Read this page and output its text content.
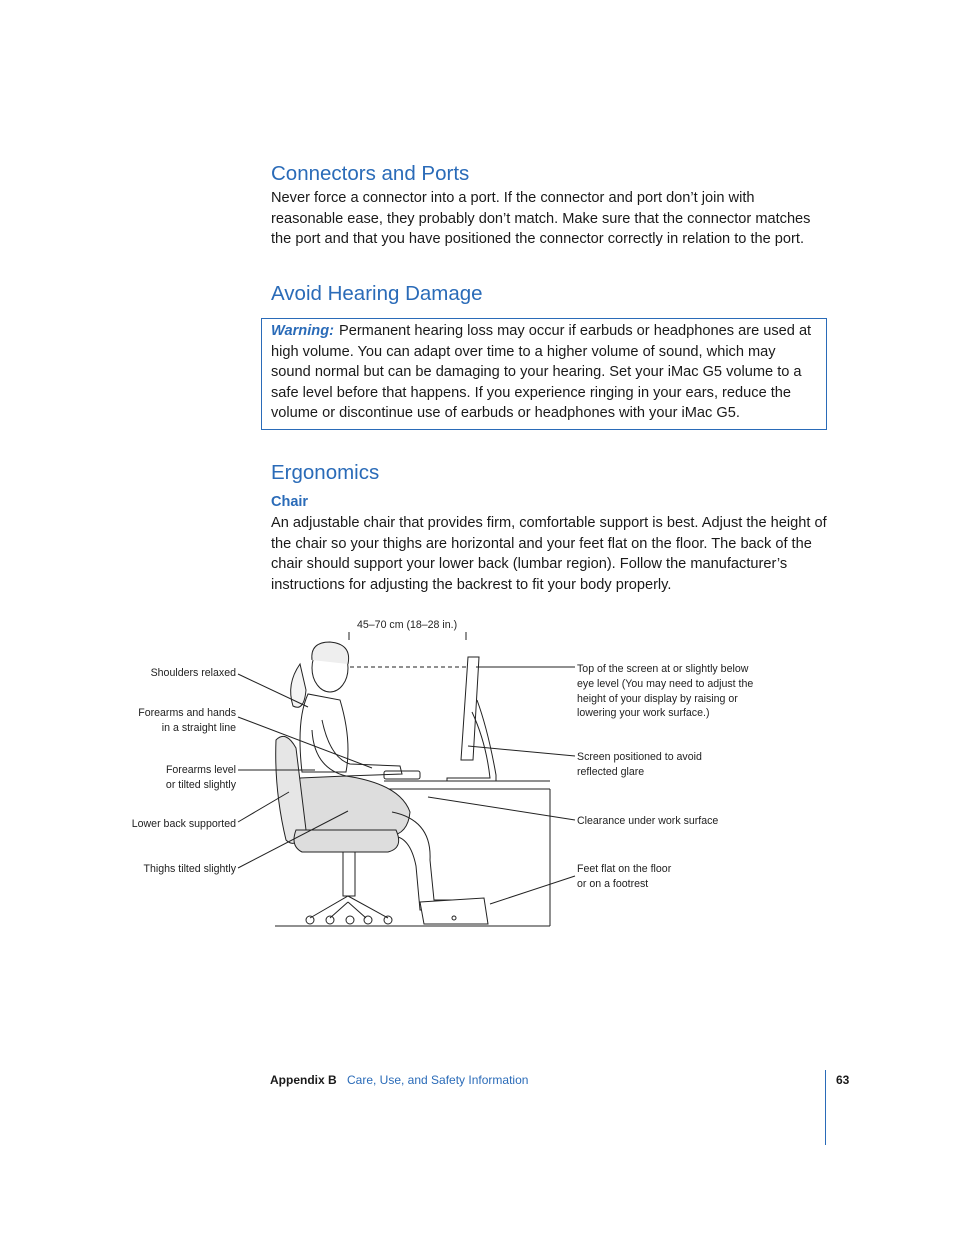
Connectors and Ports

Never force a connector into a port. If the connector and port don’t join with reasonable ease, they probably don’t match. Make sure that the connector matches the port and that you have positioned the connector correctly in relation to the port.

Avoid Hearing Damage

Warning: Permanent hearing loss may occur if earbuds or headphones are used at high volume. You can adapt over time to a higher volume of sound, which may sound normal but can be damaging to your hearing. Set your iMac G5 volume to a safe level before that happens. If you experience ringing in your ears, reduce the volume or discontinue use of earbuds or headphones with your iMac G5.

Ergonomics
Chair

An adjustable chair that provides firm, comfortable support is best. Adjust the height of the chair so your thighs are horizontal and your feet flat on the floor. The back of the chair should support your lower back (lumbar region). Follow the manufacturer’s instructions for adjusting the backrest to fit your body properly.

45–70 cm (18–28 in.)

Shoulders relaxed

Forearms and hands
in a straight line

Forearms level
or tilted slightly

Lower back supported

Thighs tilted slightly

Top of the screen at or slightly below
eye level (You may need to adjust the
height of your display by raising or
lowering your work surface.)

Screen positioned to avoid
reflected glare

Clearance under work surface

Feet flat on the floor
or on a footrest

Appendix B Care, Use, and Safety Information	63
